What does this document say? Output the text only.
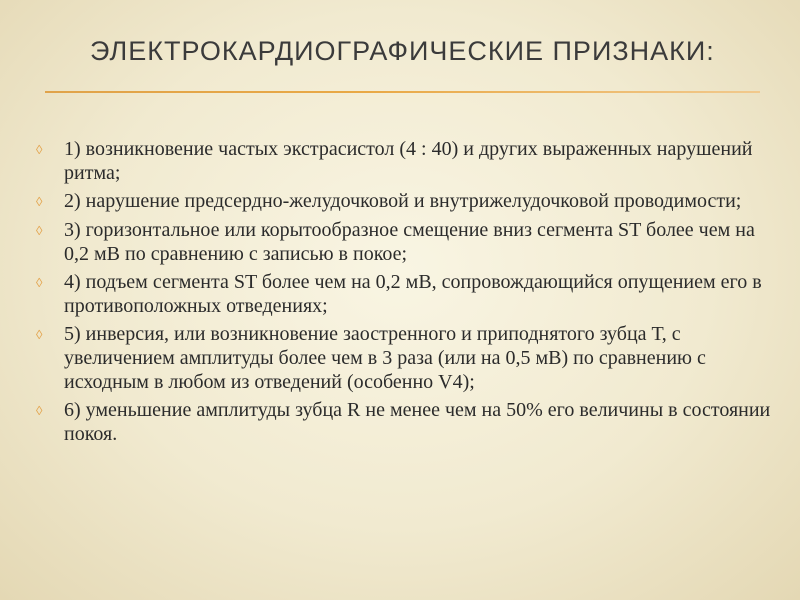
ЭЛЕКТРОКАРДИОГРАФИЧЕСКИЕ ПРИЗНАКИ:
◊	1) возникновение частых экстрасистол (4 : 40) и других выраженных нарушений ритма;
◊	2) нарушение предсердно-желудочковой и внутрижелудочковой проводимости;
◊	3) горизонтальное или корытообразное смещение вниз сегмента ST более чем на 0,2 мВ по сравнению с записью в покое;
◊	4) подъем сегмента ST более чем на 0,2 мВ, сопровождающийся опущением его в противоположных отведениях;
◊	5) инверсия, или возникновение заостренного и приподнятого зубца Т, с увеличением амплитуды более чем в 3 раза (или на 0,5 мВ) по сравнению с исходным в любом из отведений (особенно V4);
◊	6) уменьшение амплитуды зубца R не менее чем на 50% его величины в состоянии покоя.
